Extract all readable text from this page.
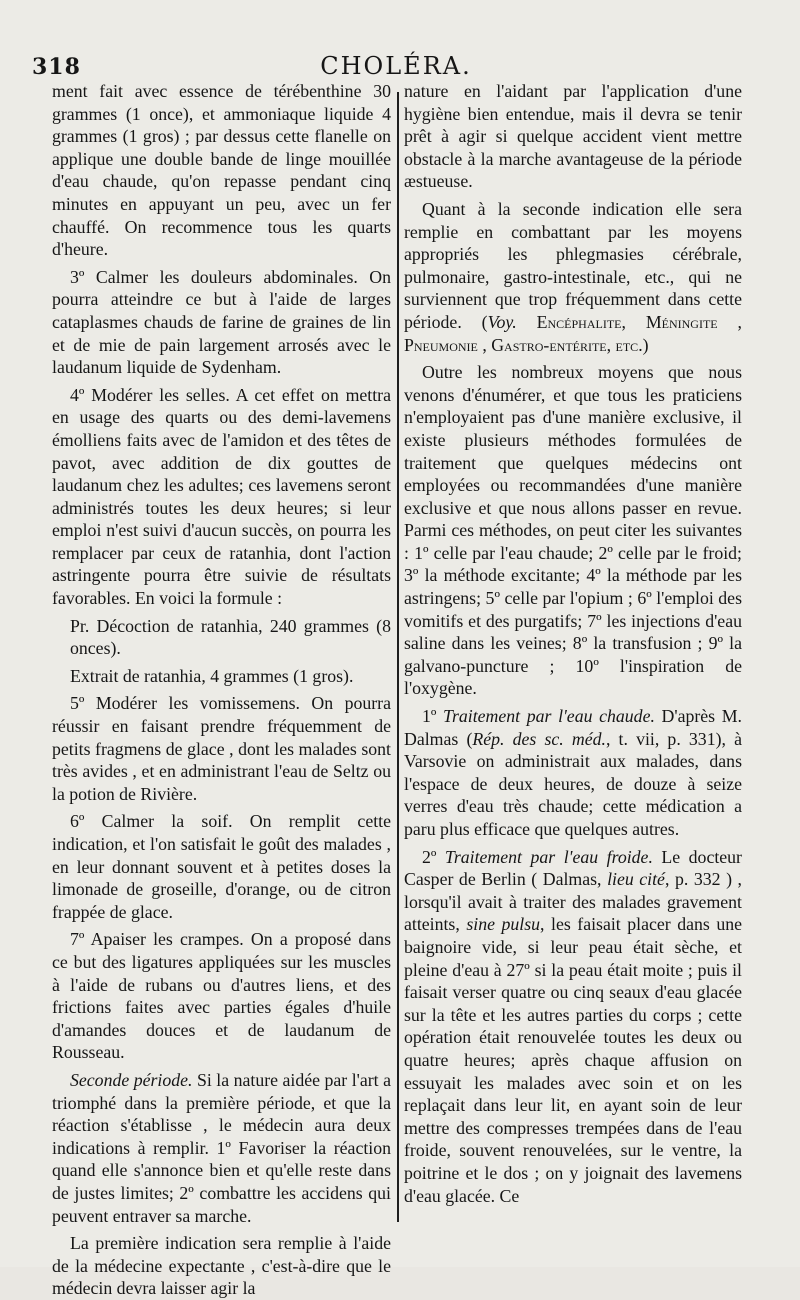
318	CHOLÉRA.

ment fait avec essence de térébenthine 30 grammes (1 once), et ammoniaque liquide 4 grammes (1 gros) ; par dessus cette flanelle on applique une double bande de linge mouillée d'eau chaude, qu'on repasse pendant cinq minutes en appuyant un peu, avec un fer chauffé. On recommence tous les quarts d'heure.

3º Calmer les douleurs abdominales. On pourra atteindre ce but à l'aide de larges cataplasmes chauds de farine de graines de lin et de mie de pain largement arrosés avec le laudanum liquide de Sydenham.

4º Modérer les selles. A cet effet on mettra en usage des quarts ou des demi-lavemens émolliens faits avec de l'amidon et des têtes de pavot, avec addition de dix gouttes de laudanum chez les adultes; ces lavemens seront administrés toutes les deux heures; si leur emploi n'est suivi d'aucun succès, on pourra les remplacer par ceux de ratanhia, dont l'action astringente pourra être suivie de résultats favorables. En voici la formule :

Pr. Décoction de ratanhia, 240 grammes (8 onces).

Extrait de ratanhia, 4 grammes (1 gros).

5º Modérer les vomissemens. On pourra réussir en faisant prendre fréquemment de petits fragmens de glace , dont les malades sont très avides , et en administrant l'eau de Seltz ou la potion de Rivière.

6º Calmer la soif. On remplit cette indication, et l'on satisfait le goût des malades , en leur donnant souvent et à petites doses la limonade de groseille, d'orange, ou de citron frappée de glace.

7º Apaiser les crampes. On a proposé dans ce but des ligatures appliquées sur les muscles à l'aide de rubans ou d'autres liens, et des frictions faites avec parties égales d'huile d'amandes douces et de laudanum de Rousseau.

Seconde période. Si la nature aidée par l'art a triomphé dans la première période, et que la réaction s'établisse , le médecin aura deux indications à remplir. 1º Favoriser la réaction quand elle s'annonce bien et qu'elle reste dans de justes limites; 2º combattre les accidens qui peuvent entraver sa marche.

La première indication sera remplie à l'aide de la médecine expectante , c'est-à-dire que le médecin devra laisser agir la

nature en l'aidant par l'application d'une hygiène bien entendue, mais il devra se tenir prêt à agir si quelque accident vient mettre obstacle à la marche avantageuse de la période æstueuse.

Quant à la seconde indication elle sera remplie en combattant par les moyens appropriés les phlegmasies cérébrale, pulmonaire, gastro-intestinale, etc., qui ne surviennent que trop fréquemment dans cette période. (Voy. Encéphalite, Méningite , Pneumonie , Gastro-entérite, etc.)

Outre les nombreux moyens que nous venons d'énumérer, et que tous les praticiens n'employaient pas d'une manière exclusive, il existe plusieurs méthodes formulées de traitement que quelques médecins ont employées ou recommandées d'une manière exclusive et que nous allons passer en revue. Parmi ces méthodes, on peut citer les suivantes : 1º celle par l'eau chaude; 2º celle par le froid; 3º la méthode excitante; 4º la méthode par les astringens; 5º celle par l'opium ; 6º l'emploi des vomitifs et des purgatifs; 7º les injections d'eau saline dans les veines; 8º la transfusion ; 9º la galvano-puncture ; 10º l'inspiration de l'oxygène.

1º Traitement par l'eau chaude. D'après M. Dalmas (Rép. des sc. méd., t. vii, p. 331), à Varsovie on administrait aux malades, dans l'espace de deux heures, de douze à seize verres d'eau très chaude; cette médication a paru plus efficace que quelques autres.

2º Traitement par l'eau froide. Le docteur Casper de Berlin ( Dalmas, lieu cité, p. 332 ) , lorsqu'il avait à traiter des malades gravement atteints, sine pulsu, les faisait placer dans une baignoire vide, si leur peau était sèche, et pleine d'eau à 27º si la peau était moite ; puis il faisait verser quatre ou cinq seaux d'eau glacée sur la tête et les autres parties du corps ; cette opération était renouvelée toutes les deux ou quatre heures; après chaque affusion on essuyait les malades avec soin et on les replaçait dans leur lit, en ayant soin de leur mettre des compresses trempées dans de l'eau froide, souvent renouvelées, sur le ventre, la poitrine et le dos ; on y joignait des lavemens d'eau glacée. Ce
